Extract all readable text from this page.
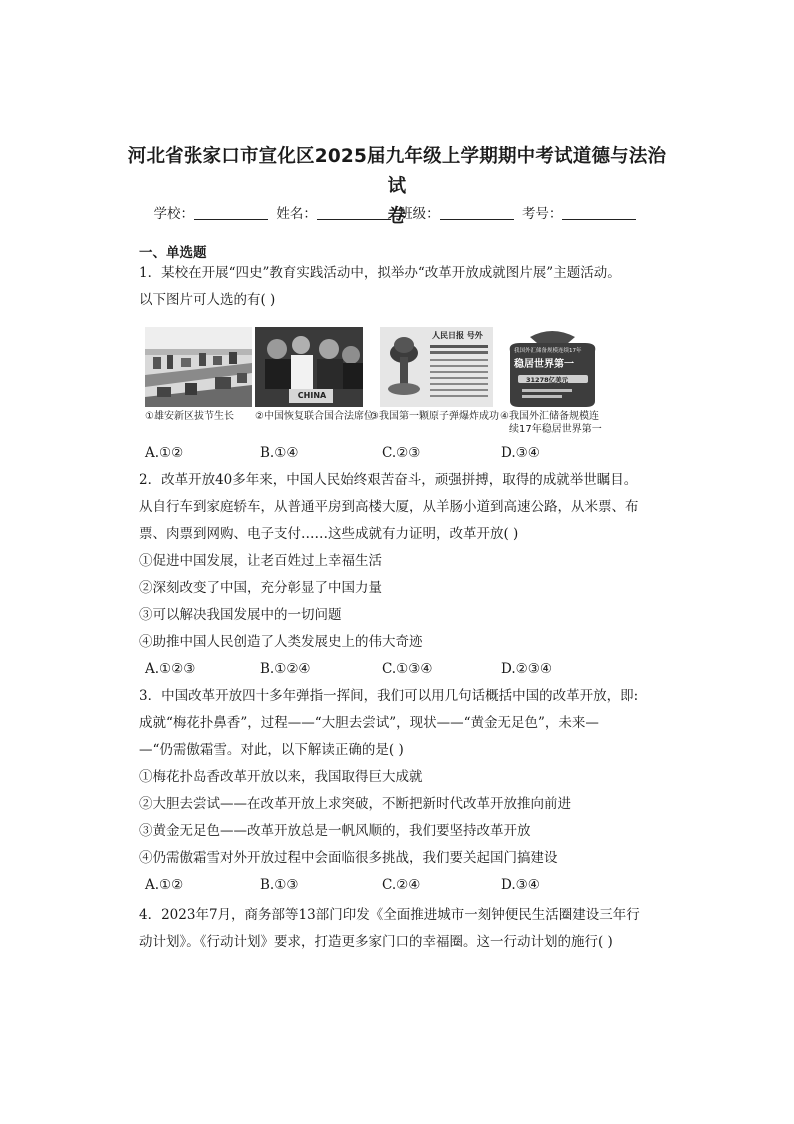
河北省张家口市宣化区2025届九年级上学期期中考试道德与法治试
卷
学校：	姓名：	班级：	考号：
一、单选题
1．某校在开展“四史”教育实践活动中，拟举办“改革开放成就图片展”主题活动。
以下图片可人选的有( )
CHINA
人民日报 号外
我国外汇储备规模连续17年
稳居世界第一
31278亿美元
①雄安新区拔节生长 ②中国恢复联合国合法席位
③我国第一颗原子弹爆炸成功 ④我国外汇储备规模连
续17年稳居世界第一
A.①②	B.①④	C.②③	D.③④
2．改革开放40多年来，中国人民始终艰苦奋斗，顽强拼搏，取得的成就举世瞩目。
从自行车到家庭轿车，从普通平房到高楼大厦，从羊肠小道到高速公路，从米票、布
票、肉票到网购、电子支付……这些成就有力证明，改革开放( )
①促进中国发展，让老百姓过上幸福生活
②深刻改变了中国，充分彰显了中国力量
③可以解决我国发展中的一切问题
④助推中国人民创造了人类发展史上的伟大奇迹
A.①②③	B.①②④	C.①③④	D.②③④
3．中国改革开放四十多年弹指一挥间，我们可以用几句话概括中国的改革开放，即:
成就“梅花扑鼻香”，过程——“大胆去尝试”，现状——“黄金无足色”，未来—
—“仍需傲霜雪。对此，以下解读正确的是( )
①梅花扑岛香改革开放以来，我国取得巨大成就
②大胆去尝试——在改革开放上求突破，不断把新时代改革开放推向前进
③黄金无足色——改革开放总是一帆风顺的，我们要坚持改革开放
④仍需傲霜雪对外开放过程中会面临很多挑战，我们要关起国门搞建设
A.①②	B.①③	C.②④	D.③④
4．2023年7月，商务部等13部门印发《全面推进城市一刻钟便民生活圈建设三年行
动计划》。《行动计划》要求，打造更多家门口的幸福圈。这一行动计划的施行( )
